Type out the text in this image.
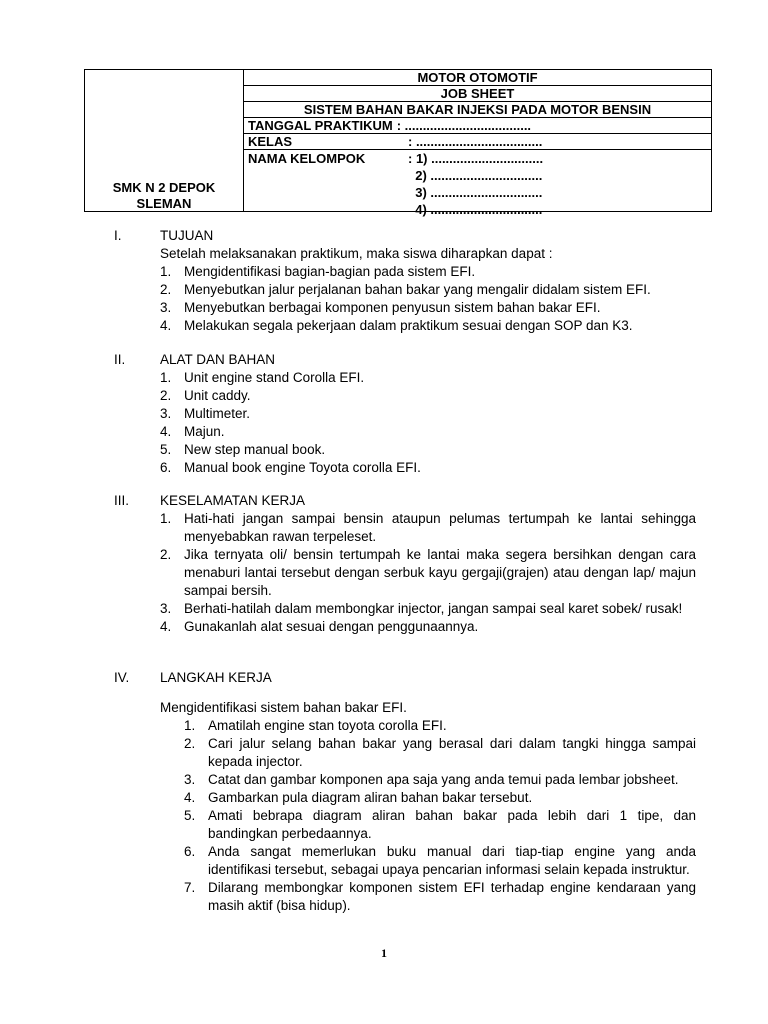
SMK N 2 DEPOK
SLEMAN
MOTOR OTOMOTIF
JOB SHEET
SISTEM BAHAN BAKAR INJEKSI PADA MOTOR BENSIN
TANGGAL PRAKTIKUM : ...................................
KELAS	: ...................................
NAMA KELOMPOK	: 1) ...............................
2) ...............................
3) ...............................
4) ...............................
I.	TUJUAN
Setelah melaksanakan praktikum, maka siswa diharapkan dapat :
1. Mengidentifikasi bagian-bagian pada sistem EFI.
2. Menyebutkan jalur perjalanan bahan bakar yang mengalir didalam sistem EFI.
3. Menyebutkan berbagai komponen penyusun sistem bahan bakar EFI.
4. Melakukan segala pekerjaan dalam praktikum sesuai dengan SOP dan K3.
II.	ALAT DAN BAHAN
1. Unit engine stand Corolla EFI.
2. Unit caddy.
3. Multimeter.
4. Majun.
5. New step manual book.
6. Manual book engine Toyota corolla EFI.
III.	KESELAMATAN KERJA
1. Hati-hati jangan sampai bensin ataupun pelumas tertumpah ke lantai sehingga menyebabkan rawan terpeleset.
2. Jika ternyata oli/ bensin tertumpah ke lantai maka segera bersihkan dengan cara menaburi lantai tersebut dengan serbuk kayu gergaji(grajen) atau dengan lap/ majun sampai bersih.
3. Berhati-hatilah dalam membongkar injector, jangan sampai seal karet sobek/ rusak!
4. Gunakanlah alat sesuai dengan penggunaannya.
IV.	LANGKAH KERJA
Mengidentifikasi sistem bahan bakar EFI.
1. Amatilah engine stan toyota corolla EFI.
2. Cari jalur selang bahan bakar yang berasal dari dalam tangki hingga sampai kepada injector.
3. Catat dan gambar komponen apa saja yang anda temui pada lembar jobsheet.
4. Gambarkan pula diagram aliran bahan bakar tersebut.
5. Amati bebrapa diagram aliran bahan bakar pada lebih dari 1 tipe, dan bandingkan perbedaannya.
6. Anda sangat memerlukan buku manual dari tiap-tiap engine yang anda identifikasi tersebut, sebagai upaya pencarian informasi selain kepada instruktur.
7. Dilarang membongkar komponen sistem EFI terhadap engine kendaraan yang masih aktif (bisa hidup).
1
